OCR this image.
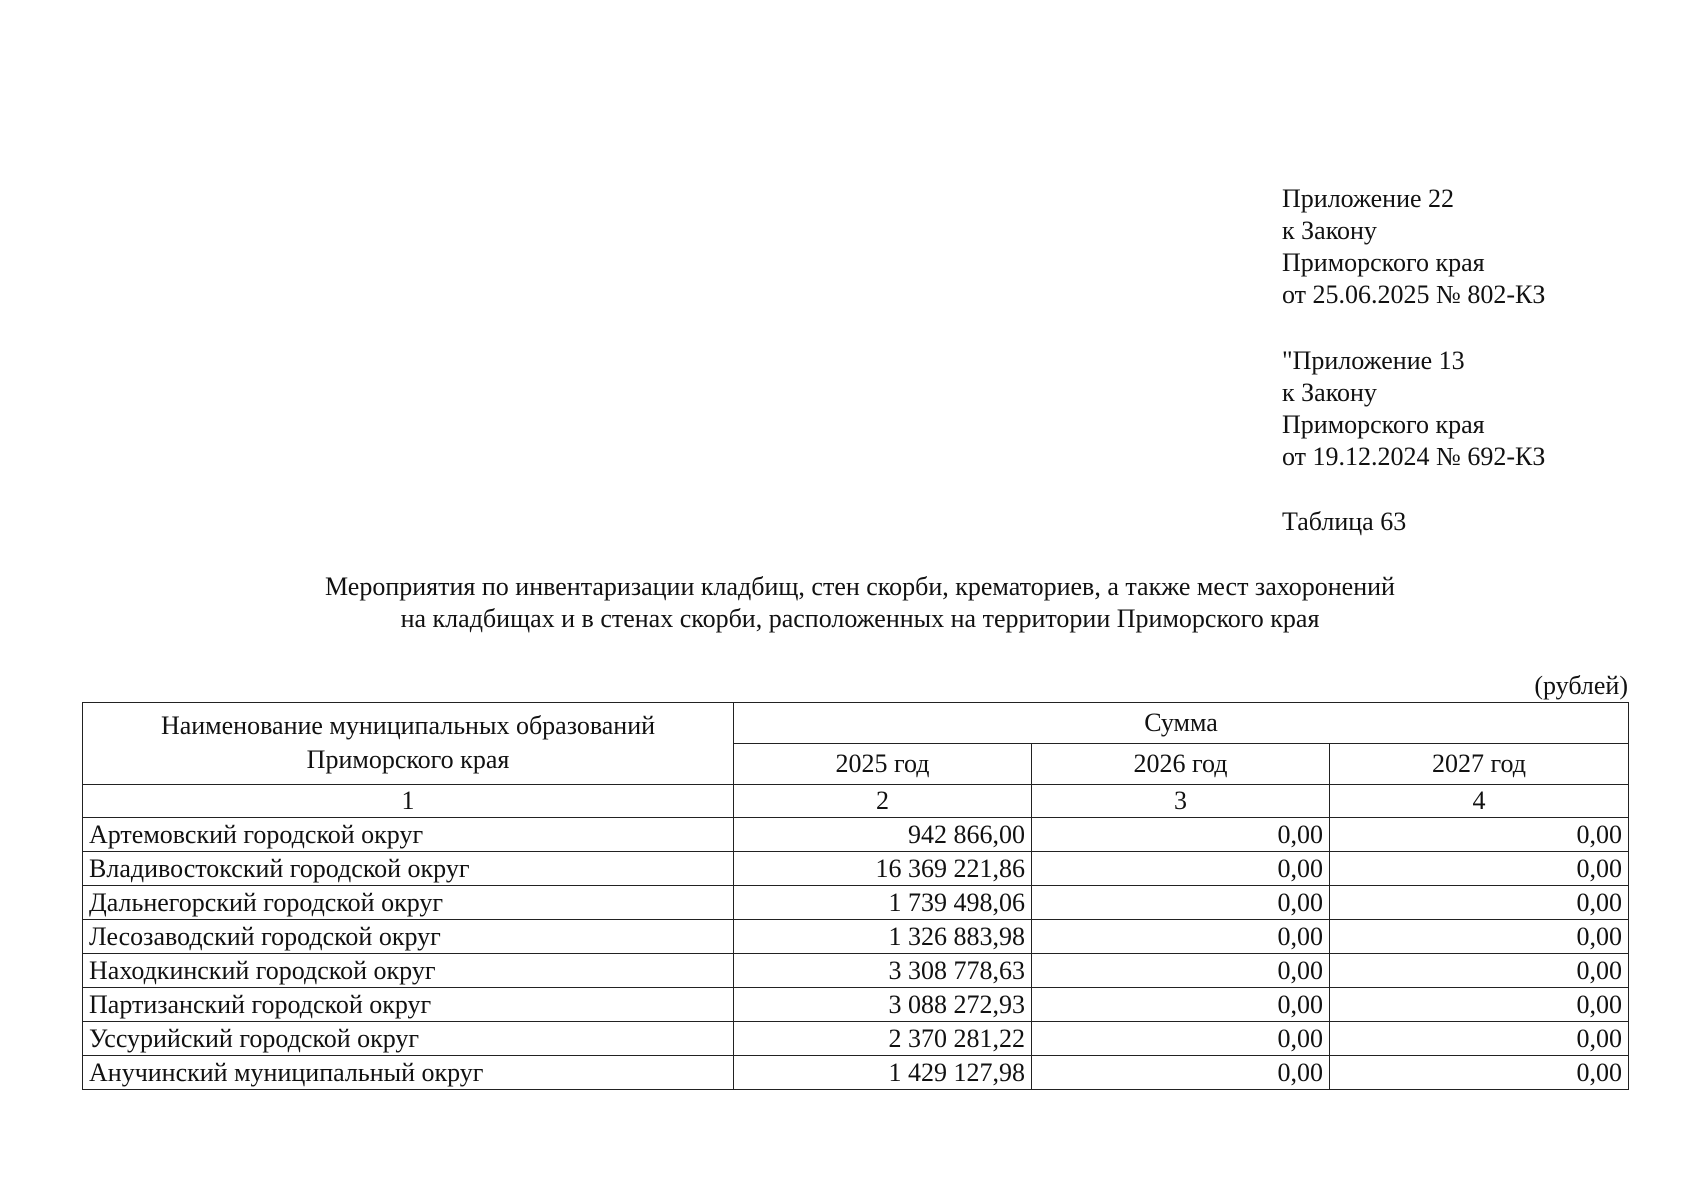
Приложение 22
к Закону
Приморского края
от 25.06.2025 № 802-КЗ
"Приложение 13
к Закону
Приморского края
от 19.12.2024 № 692-КЗ
Таблица 63
Мероприятия по инвентаризации кладбищ, стен скорби, крематориев, а также мест захоронений
на кладбищах и в стенах скорби, расположенных на территории Приморского края
(рублей)
Наименование муниципальных образований Приморского края	Сумма		
	2025 год	2026 год	2027 год
1	2	3	4
Артемовский городской округ	942 866,00	0,00	0,00
Владивостокский городской округ	16 369 221,86	0,00	0,00
Дальнегорский городской округ	1 739 498,06	0,00	0,00
Лесозаводский городской округ	1 326 883,98	0,00	0,00
Находкинский городской округ	3 308 778,63	0,00	0,00
Партизанский городской округ	3 088 272,93	0,00	0,00
Уссурийский городской округ	2 370 281,22	0,00	0,00
Анучинский муниципальный округ	1 429 127,98	0,00	0,00
